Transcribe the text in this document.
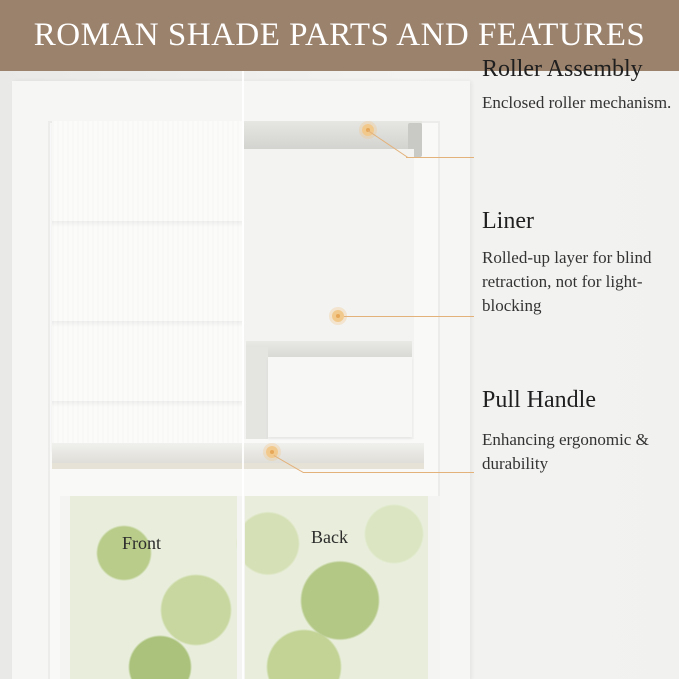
ROMAN SHADE PARTS AND FEATURES
Front	Back
Roller Assembly
Enclosed roller mechanism.
Liner
Rolled-up layer for blind retraction, not for light-blocking
Pull Handle
Enhancing ergonomic & durability
